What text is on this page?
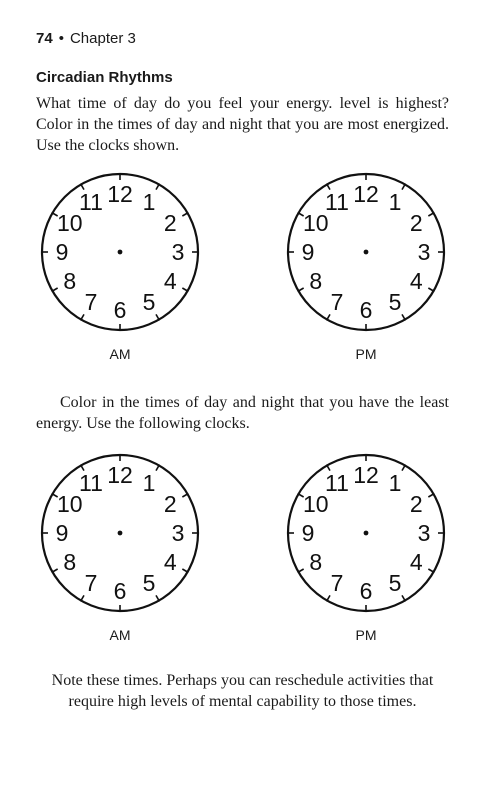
74 • Chapter 3
Circadian Rhythms
What time of day do you feel your energy. level is highest? Color in the times of day and night that you are most energized. Use the clocks shown.
12 1
2
3
4
5
6
7
8
9
10
11	12 1
2
3
4
5
6
7
8
9
10
11
AM	PM
Color in the times of day and night that you have the least energy. Use the following clocks.
12 1
2
3
4
5
6
7
8
9
10
11	12 1
2
3
4
5
6
7
8
9
10
11
AM	PM
Note these times. Perhaps you can reschedule activities that require high levels of mental capability to those times.
